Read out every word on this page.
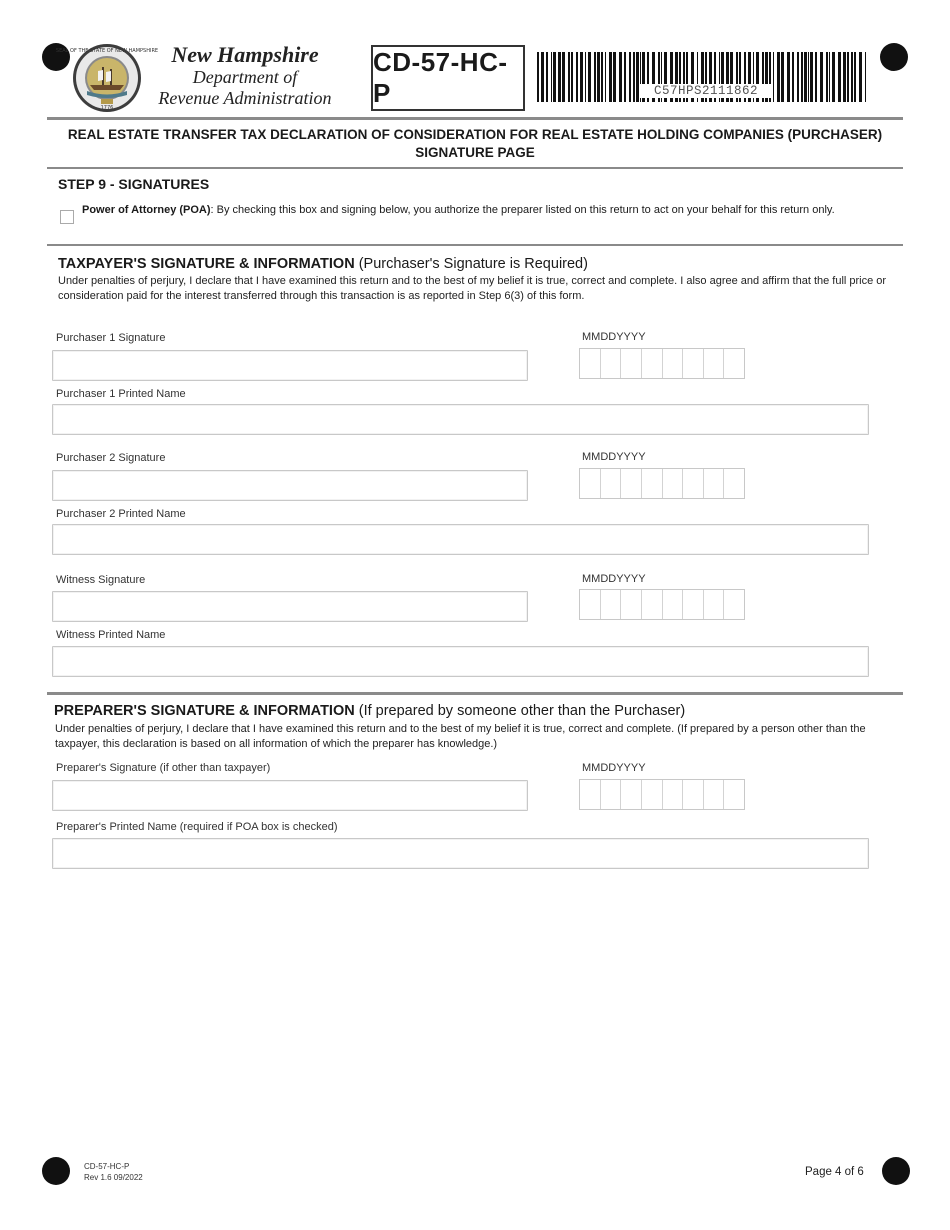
SEAL OF THE STATE OF NEW HAMPSHIRE
1776
New Hampshire
Department of
Revenue Administration
CD-57-HC-P	C57HPS2111862
REAL ESTATE TRANSFER TAX DECLARATION OF CONSIDERATION FOR REAL ESTATE HOLDING COMPANIES (PURCHASER)
SIGNATURE PAGE
STEP 9 - SIGNATURES
Power of Attorney (POA): By checking this box and signing below, you authorize the preparer listed on this return to act on your behalf for this return only.
TAXPAYER'S SIGNATURE & INFORMATION (Purchaser's Signature is Required)
Under penalties of perjury, I declare that I have examined this return and to the best of my belief it is true, correct and complete. I also agree and affirm that the full price or consideration paid for the interest transferred through this transaction is as reported in Step 6(3) of this form.
Purchaser 1 Signature	MMDDYYYY
Purchaser 1 Printed Name
Purchaser 2 Signature	MMDDYYYY
Purchaser 2 Printed Name
Witness Signature	MMDDYYYY
Witness Printed Name
PREPARER'S SIGNATURE & INFORMATION (If prepared by someone other than the Purchaser)
Under penalties of perjury, I declare that I have examined this return and to the best of my belief it is true, correct and complete. (If prepared by a person other than the taxpayer, this declaration is based on all information of which the preparer has knowledge.)
Preparer's Signature (if other than taxpayer)	MMDDYYYY
Preparer's Printed Name (required if POA box is checked)
CD-57-HC-P
Rev 1.6 09/2022	Page 4 of 6
